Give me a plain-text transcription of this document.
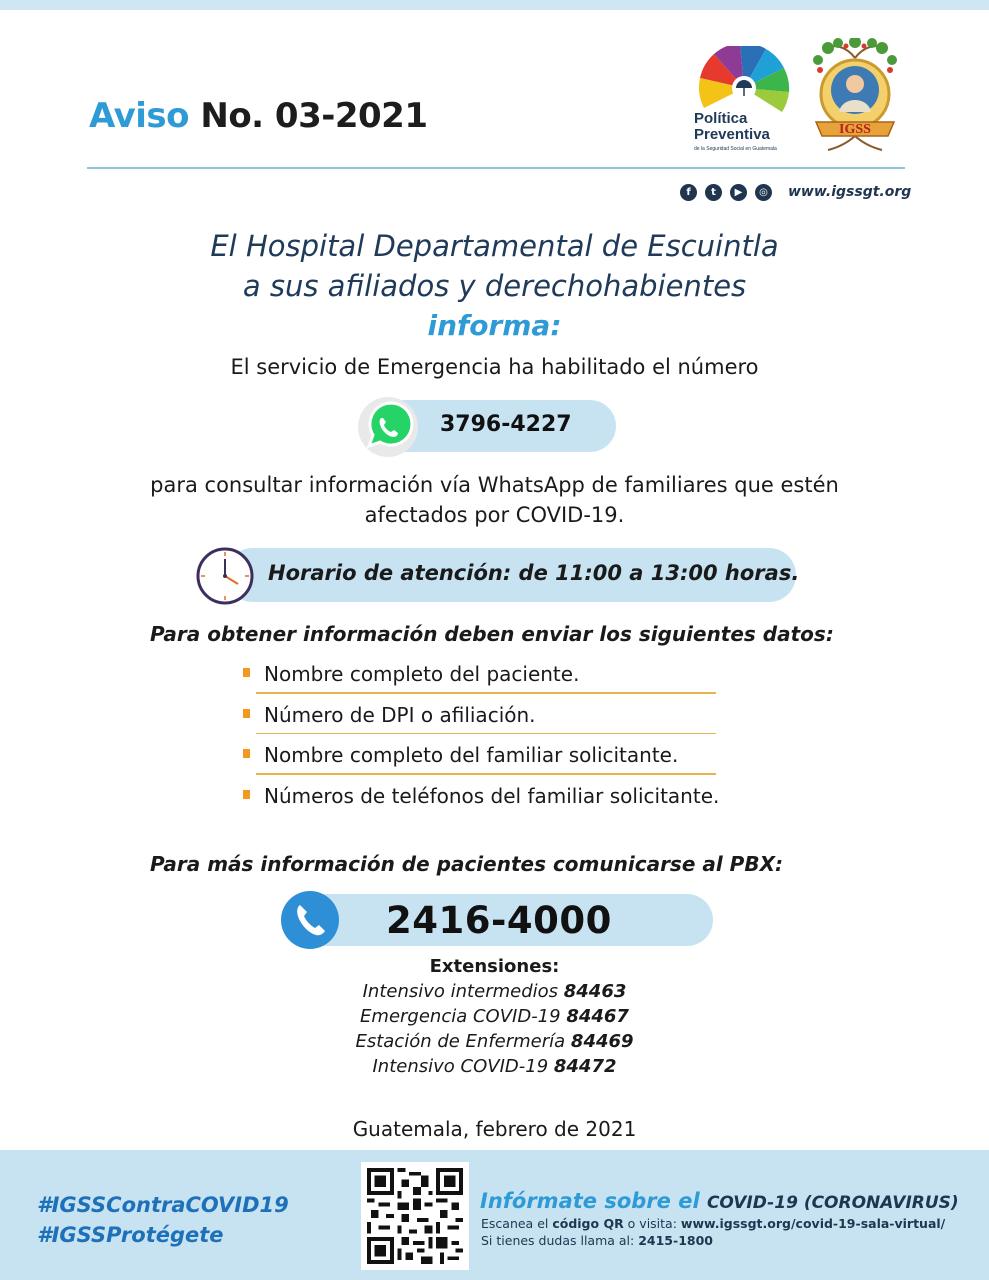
Aviso No. 03-2021	Política
Preventiva
de la Seguridad Social en Guatemala
IGSS
f	t	▶	◎ www.igssgt.org
El Hospital Departamental de Escuintla
a sus afiliados y derechohabientes
informa:
El servicio de Emergencia ha habilitado el número
3796-4227
para consultar información vía WhatsApp de familiares que estén
afectados por COVID-19.
Horario de atención: de 11:00 a 13:00 horas.
Para obtener información deben enviar los siguientes datos:
Nombre completo del paciente.
Número de DPI o afiliación.
Nombre completo del familiar solicitante.
Números de teléfonos del familiar solicitante.
Para más información de pacientes comunicarse al PBX:
2416-4000
Extensiones:
Intensivo intermedios 84463
Emergencia COVID-19 84467
Estación de Enfermería 84469
Intensivo COVID-19 84472
Guatemala, febrero de 2021
#IGSSContraCOVID19
#IGSSProtégete
Infórmate sobre el COVID-19 (CORONAVIRUS)
Escanea el código QR o visita: www.igssgt.org/covid-19-sala-virtual/
Si tienes dudas llama al: 2415-1800
